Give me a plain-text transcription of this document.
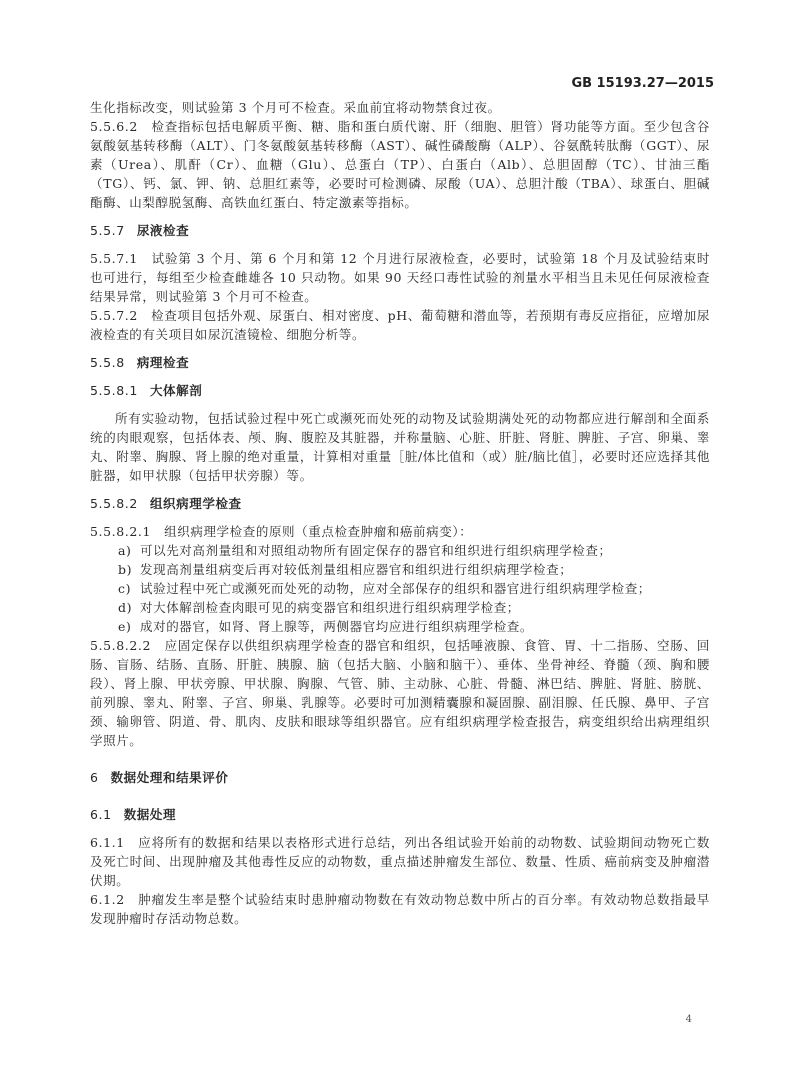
GB 15193.27—2015

生化指标改变，则试验第 3 个月可不检查。采血前宜将动物禁食过夜。

5.5.6.2　检查指标包括电解质平衡、糖、脂和蛋白质代谢、肝（细胞、胆管）肾功能等方面。至少包含谷氨酸氨基转移酶（ALT）、门冬氨酸氨基转移酶（AST）、碱性磷酸酶（ALP）、谷氨酰转肽酶（GGT）、尿素（Urea）、肌酐（Cr）、血糖（Glu）、总蛋白（TP）、白蛋白（Alb）、总胆固醇（TC）、甘油三酯（TG）、钙、氯、钾、钠、总胆红素等，必要时可检测磷、尿酸（UA）、总胆汁酸（TBA）、球蛋白、胆碱酯酶、山梨醇脱氢酶、高铁血红蛋白、特定激素等指标。

5.5.7 尿液检查

5.5.7.1　试验第 3 个月、第 6 个月和第 12 个月进行尿液检查，必要时，试验第 18 个月及试验结束时也可进行，每组至少检查雌雄各 10 只动物。如果 90 天经口毒性试验的剂量水平相当且未见任何尿液检查结果异常，则试验第 3 个月可不检查。

5.5.7.2　检查项目包括外观、尿蛋白、相对密度、pH、葡萄糖和潜血等，若预期有毒反应指征，应增加尿液检查的有关项目如尿沉渣镜检、细胞分析等。

5.5.8 病理检查

5.5.8.1 大体解剖

所有实验动物，包括试验过程中死亡或濒死而处死的动物及试验期满处死的动物都应进行解剖和全面系统的肉眼观察，包括体表、颅、胸、腹腔及其脏器，并称量脑、心脏、肝脏、肾脏、脾脏、子宫、卵巢、睾丸、附睾、胸腺、肾上腺的绝对重量，计算相对重量［脏/体比值和（或）脏/脑比值］，必要时还应选择其他脏器，如甲状腺（包括甲状旁腺）等。

5.5.8.2 组织病理学检查

5.5.8.2.1　组织病理学检查的原则（重点检查肿瘤和癌前病变）：

a) 可以先对高剂量组和对照组动物所有固定保存的器官和组织进行组织病理学检查；

b) 发现高剂量组病变后再对较低剂量组相应器官和组织进行组织病理学检查；

c) 试验过程中死亡或濒死而处死的动物，应对全部保存的组织和器官进行组织病理学检查；

d) 对大体解剖检查肉眼可见的病变器官和组织进行组织病理学检查；

e) 成对的器官，如肾、肾上腺等，两侧器官均应进行组织病理学检查。

5.5.8.2.2　应固定保存以供组织病理学检查的器官和组织，包括唾液腺、食管、胃、十二指肠、空肠、回肠、盲肠、结肠、直肠、肝脏、胰腺、脑（包括大脑、小脑和脑干）、垂体、坐骨神经、脊髓（颈、胸和腰段）、肾上腺、甲状旁腺、甲状腺、胸腺、气管、肺、主动脉、心脏、骨髓、淋巴结、脾脏、肾脏、膀胱、前列腺、睾丸、附睾、子宫、卵巢、乳腺等。必要时可加测精囊腺和凝固腺、副泪腺、任氏腺、鼻甲、子宫颈、输卵管、阴道、骨、肌肉、皮肤和眼球等组织器官。应有组织病理学检查报告，病变组织给出病理组织学照片。

6 数据处理和结果评价

6.1 数据处理

6.1.1　应将所有的数据和结果以表格形式进行总结，列出各组试验开始前的动物数、试验期间动物死亡数及死亡时间、出现肿瘤及其他毒性反应的动物数，重点描述肿瘤发生部位、数量、性质、癌前病变及肿瘤潜伏期。

6.1.2　肿瘤发生率是整个试验结束时患肿瘤动物数在有效动物总数中所占的百分率。有效动物总数指最早发现肿瘤时存活动物总数。

4
